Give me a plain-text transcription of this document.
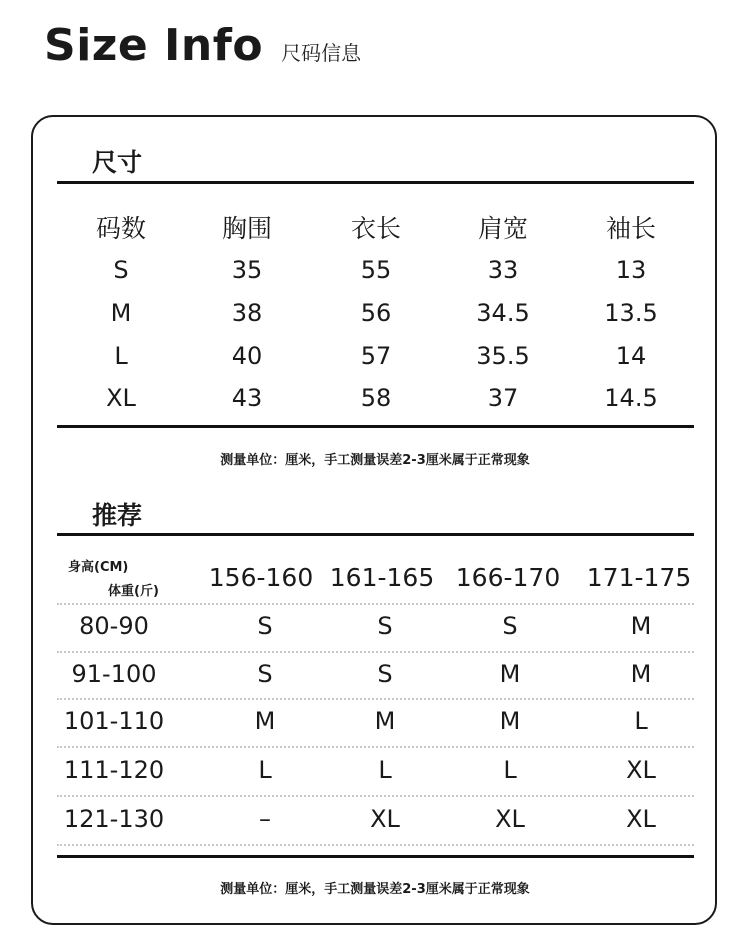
Size Info 尺码信息
尺寸
码数	胸围	衣长	肩宽	袖长
S	35	55	33	13
M	38	56	34.5	13.5
L	40	57	35.5	14
XL	43	58	37	14.5
测量单位：厘米，手工测量误差2-3厘米属于正常现象
推荐
身高(CM)
体重(斤) 156-160 161-165 166-170 171-175
80-90	S	S	S	M
91-100	S	S	M	M
101-110	M	M	M	L
111-120	L	L	L	XL
121-130	–	XL	XL	XL
测量单位：厘米，手工测量误差2-3厘米属于正常现象
